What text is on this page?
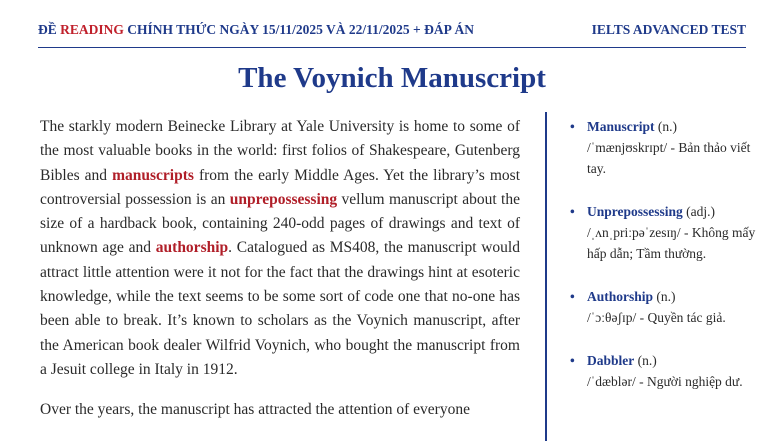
ĐỀ READING CHÍNH THỨC NGÀY 15/11/2025 VÀ 22/11/2025 + ĐÁP ÁN	IELTS ADVANCED TEST
The Voynich Manuscript

The starkly modern Beinecke Library at Yale University is home to some of the most valuable books in the world: first folios of Shakespeare, Gutenberg Bibles and manuscripts from the early Middle Ages. Yet the library’s most controversial possession is an unprepossessing vellum manuscript about the size of a hardback book, containing 240-odd pages of drawings and text of unknown age and authorship. Catalogued as MS408, the manuscript would attract little attention were it not for the fact that the drawings hint at esoteric knowledge, while the text seems to be some sort of code one that no-one has been able to break. It’s known to scholars as the Voynich manuscript, after the American book dealer Wilfrid Voynich, who bought the manuscript from a Jesuit college in Italy in 1912.

Over the years, the manuscript has attracted the attention of everyone

• Manuscript (n.)
/ˈmænjʊskrɪpt/ - Bản thảo viết tay.
• Unprepossessing (adj.)
/ˌʌnˌpriːpəˈzesɪŋ/ - Không mấy hấp dẫn; Tầm thường.
• Authorship (n.)
/ˈɔːθəʃɪp/ - Quyền tác giả.
• Dabbler (n.)
/ˈdæblər/ - Người nghiệp dư.
